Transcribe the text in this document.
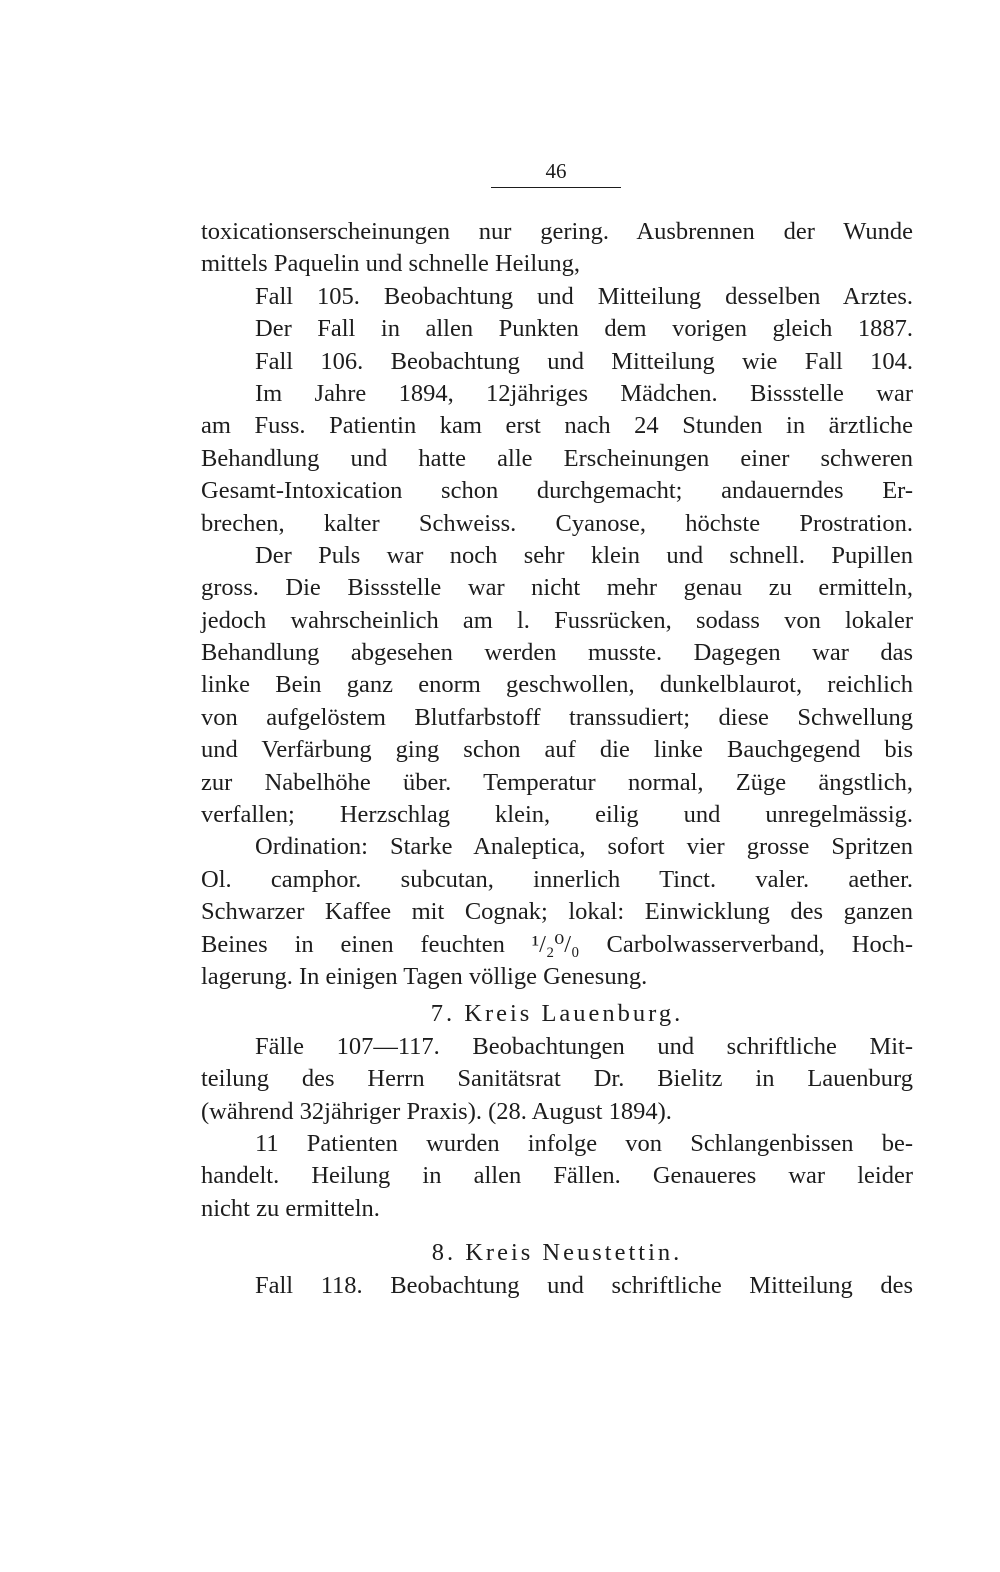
46
toxicationserscheinungen nur gering. Ausbrennen der Wunde
mittels Paquelin und schnelle Heilung,
Fall 105. Beobachtung und Mitteilung desselben Arztes.
Der Fall in allen Punkten dem vorigen gleich 1887.
Fall 106. Beobachtung und Mitteilung wie Fall 104.
Im Jahre 1894, 12jähriges Mädchen. Bissstelle war
am Fuss. Patientin kam erst nach 24 Stunden in ärztliche
Behandlung und hatte alle Erscheinungen einer schweren
Gesamt-Intoxication schon durchgemacht; andauerndes Er-
brechen, kalter Schweiss. Cyanose, höchste Prostration.
Der Puls war noch sehr klein und schnell. Pupillen
gross. Die Bissstelle war nicht mehr genau zu ermitteln,
jedoch wahrscheinlich am l. Fussrücken, sodass von lokaler
Behandlung abgesehen werden musste. Dagegen war das
linke Bein ganz enorm geschwollen, dunkelblaurot, reichlich
von aufgelöstem Blutfarbstoff transsudiert; diese Schwellung
und Verfärbung ging schon auf die linke Bauchgegend bis
zur Nabelhöhe über. Temperatur normal, Züge ängstlich,
verfallen; Herzschlag klein, eilig und unregelmässig.
Ordination: Starke Analeptica, sofort vier grosse Spritzen
Ol. camphor. subcutan, innerlich Tinct. valer. aether.
Schwarzer Kaffee mit Cognak; lokal: Einwicklung des ganzen
Beines in einen feuchten ¹/₂⁰/₀ Carbolwasserverband, Hoch-
lagerung. In einigen Tagen völlige Genesung.
7. Kreis Lauenburg.
Fälle 107—117. Beobachtungen und schriftliche Mit-
teilung des Herrn Sanitätsrat Dr. Bielitz in Lauenburg
(während 32jähriger Praxis). (28. August 1894).
11 Patienten wurden infolge von Schlangenbissen be-
handelt. Heilung in allen Fällen. Genaueres war leider
nicht zu ermitteln.
8. Kreis Neustettin.
Fall 118. Beobachtung und schriftliche Mitteilung des
